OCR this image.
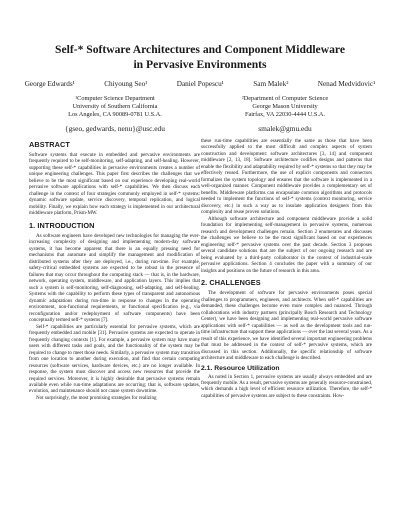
Self-* Software Architectures and Component Middleware
in Pervasive Environments
George Edwards¹	Chiyoung Seo¹	Daniel Popescu¹	Sam Malek²	Nenad Medvidovic¹
¹Computer Science Department
University of Southern California
Los Angeles, CA 90089-0781 U.S.A.
²Department of Computer Science
George Mason University
Fairfax, VA 22030-4444 U.S.A.
{gseo, gedwards, nenu}@usc.edu	smalek@gmu.edu
ABSTRACT

Software systems that execute in embedded and pervasive environments are frequently required to be self-monitoring, self-adapting, and self-healing. However, supporting these self-* capabilities in pervasive environments creates a number of unique engineering challenges. This paper first describes the challenges that we believe to be the most significant based on our experience developing real-world pervasive software applications with self-* capabilities. We then discuss each challenge in the context of four strategies commonly employed in self-* systems: dynamic software update, service discovery, temporal replication, and logical mobility. Finally, we explain how each strategy is implemented in our architectural middleware platform, Prism-MW.

1. INTRODUCTION

As software engineers have developed new technologies for managing the ever-increasing complexity of designing and implementing modern-day software systems, it has become apparent that there is an equally pressing need for mechanisms that automate and simplify the management and modification of distributed systems after they are deployed, i.e., during run-time. For example, safety-critical embedded systems are expected to be robust in the presence of failures that may occur throughout the computing stack — that is, in the hardware, network, operating system, middleware, and application layers. This implies that such a system is self-monitoring, self-diagnosing, self-adapting, and self-healing. Systems with the capability to perform these types of transparent and autonomous dynamic adaptations during run-time in response to changes in the operating environment, non-functional requirements, or functional specification (e.g., via reconfiguration and/or redeployment of software components) have been conceptually termed self-* systems [7].

Self-* capabilities are particularly essential for pervasive systems, which are frequently embedded and mobile [31]. Pervasive systems are expected to operate in frequently changing contexts [1]. For example, a pervasive system may have many users with different tasks and goals, and the functionality of the system may be required to change to meet those needs. Similarly, a pervasive system may transition from one location to another during execution, and find that certain computing resources (software services, hardware devices, etc.) are no longer available. In response, the system must discover and access new resources that provide the required services. Moreover, it is highly desirable that pervasive systems remain available even while run-time adaptations are occurring; that is, software updates, evolution, and maintenance should not cause system downtime.

Not surprisingly, the most promising strategies for realizing

these run-time capabilities are essentially the same as those that have been successfully applied to the most difficult and complex aspects of system construction and development: software architectures [3, 14] and component middleware [2, 13, 18]. Software architecture codifies designs and patterns that enable the flexibility and adaptability required by self-* systems so that they may be effectively reused. Furthermore, the use of explicit components and connectors formalizes the system topology and ensures that the software is implemented in a well-organized manner. Component middleware provides a complementary set of benefits. Middleware platforms can encapsulate common algorithms and protocols needed to implement the functions of self-* systems (context monitoring, service discovery, etc.) in such a way as to insulate application designers from this complexity and reuse proven solutions.

Although software architecture and component middleware provide a solid foundation for implementing self-management in pervasive systems, numerous research and development challenges remain. Section 2 enumerates and discusses the challenges we believe to be the most significant based on our experiences engineering self-* pervasive systems over the past decade. Section 3 proposes several candidate solutions that are the subject of our ongoing research and are being evaluated by a third-party collaborator in the context of industrial-scale pervasive applications. Section 4 concludes the paper with a summary of our insights and positions on the future of research in this area.

2. CHALLENGES

The development of software for pervasive environments poses special challenges to programmers, engineers, and architects. When self-* capabilities are demanded, these challenges become even more complex and nuanced. Through collaborations with industry partners (principally Bosch Research and Technology Center), we have been designing and implementing real-world pervasive software applications with self-* capabilities — as well as the development tools and run-time infrastructure that support these applications — over the last several years. As a result of this experience, we have identified several important engineering problems that must be addressed in the context of self-* pervasive systems, which are discussed in this section. Additionally, the specific relationship of software architecture and middleware to each challenge is described.

2.1. Resource Utilization

As noted in Section 1, pervasive systems are usually always embedded and are frequently mobile. As a result, pervasive systems are generally resource-constrained, which demands a high level of efficient resource utilization. Therefore, the self-* capabilities of pervasive systems are subject to these constraints. How-
